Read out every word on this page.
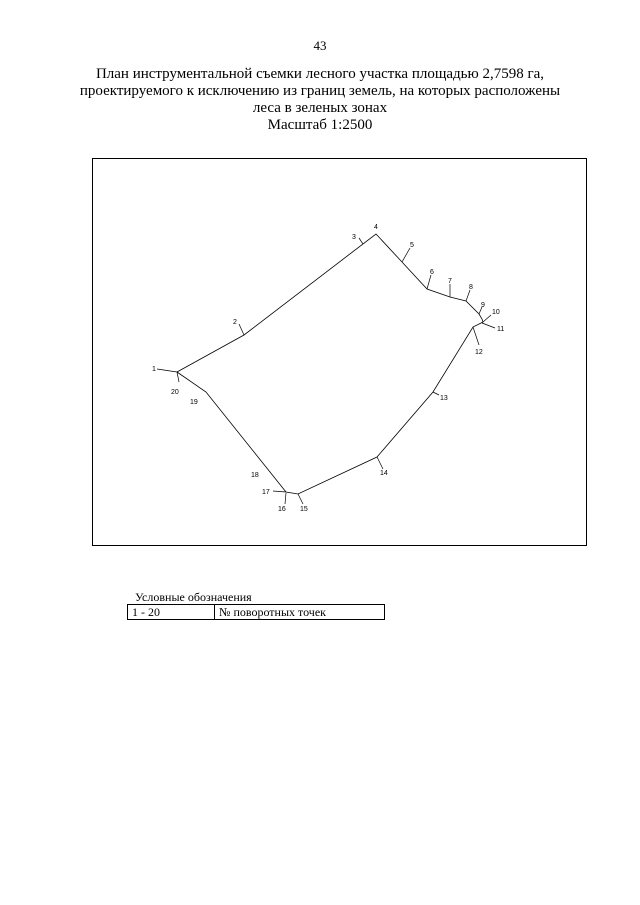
43
План инструментальной съемки лесного участка площадью 2,7598 га,
проектируемого к исключению из границ земель, на которых расположены
леса в зеленых зонах
Масштаб 1:2500
1
2
3
4
5
6
7
8
9
10
11
12
13
14
15
16
17
18
19
20
Условные обозначения
1 - 20	№ поворотных точек
